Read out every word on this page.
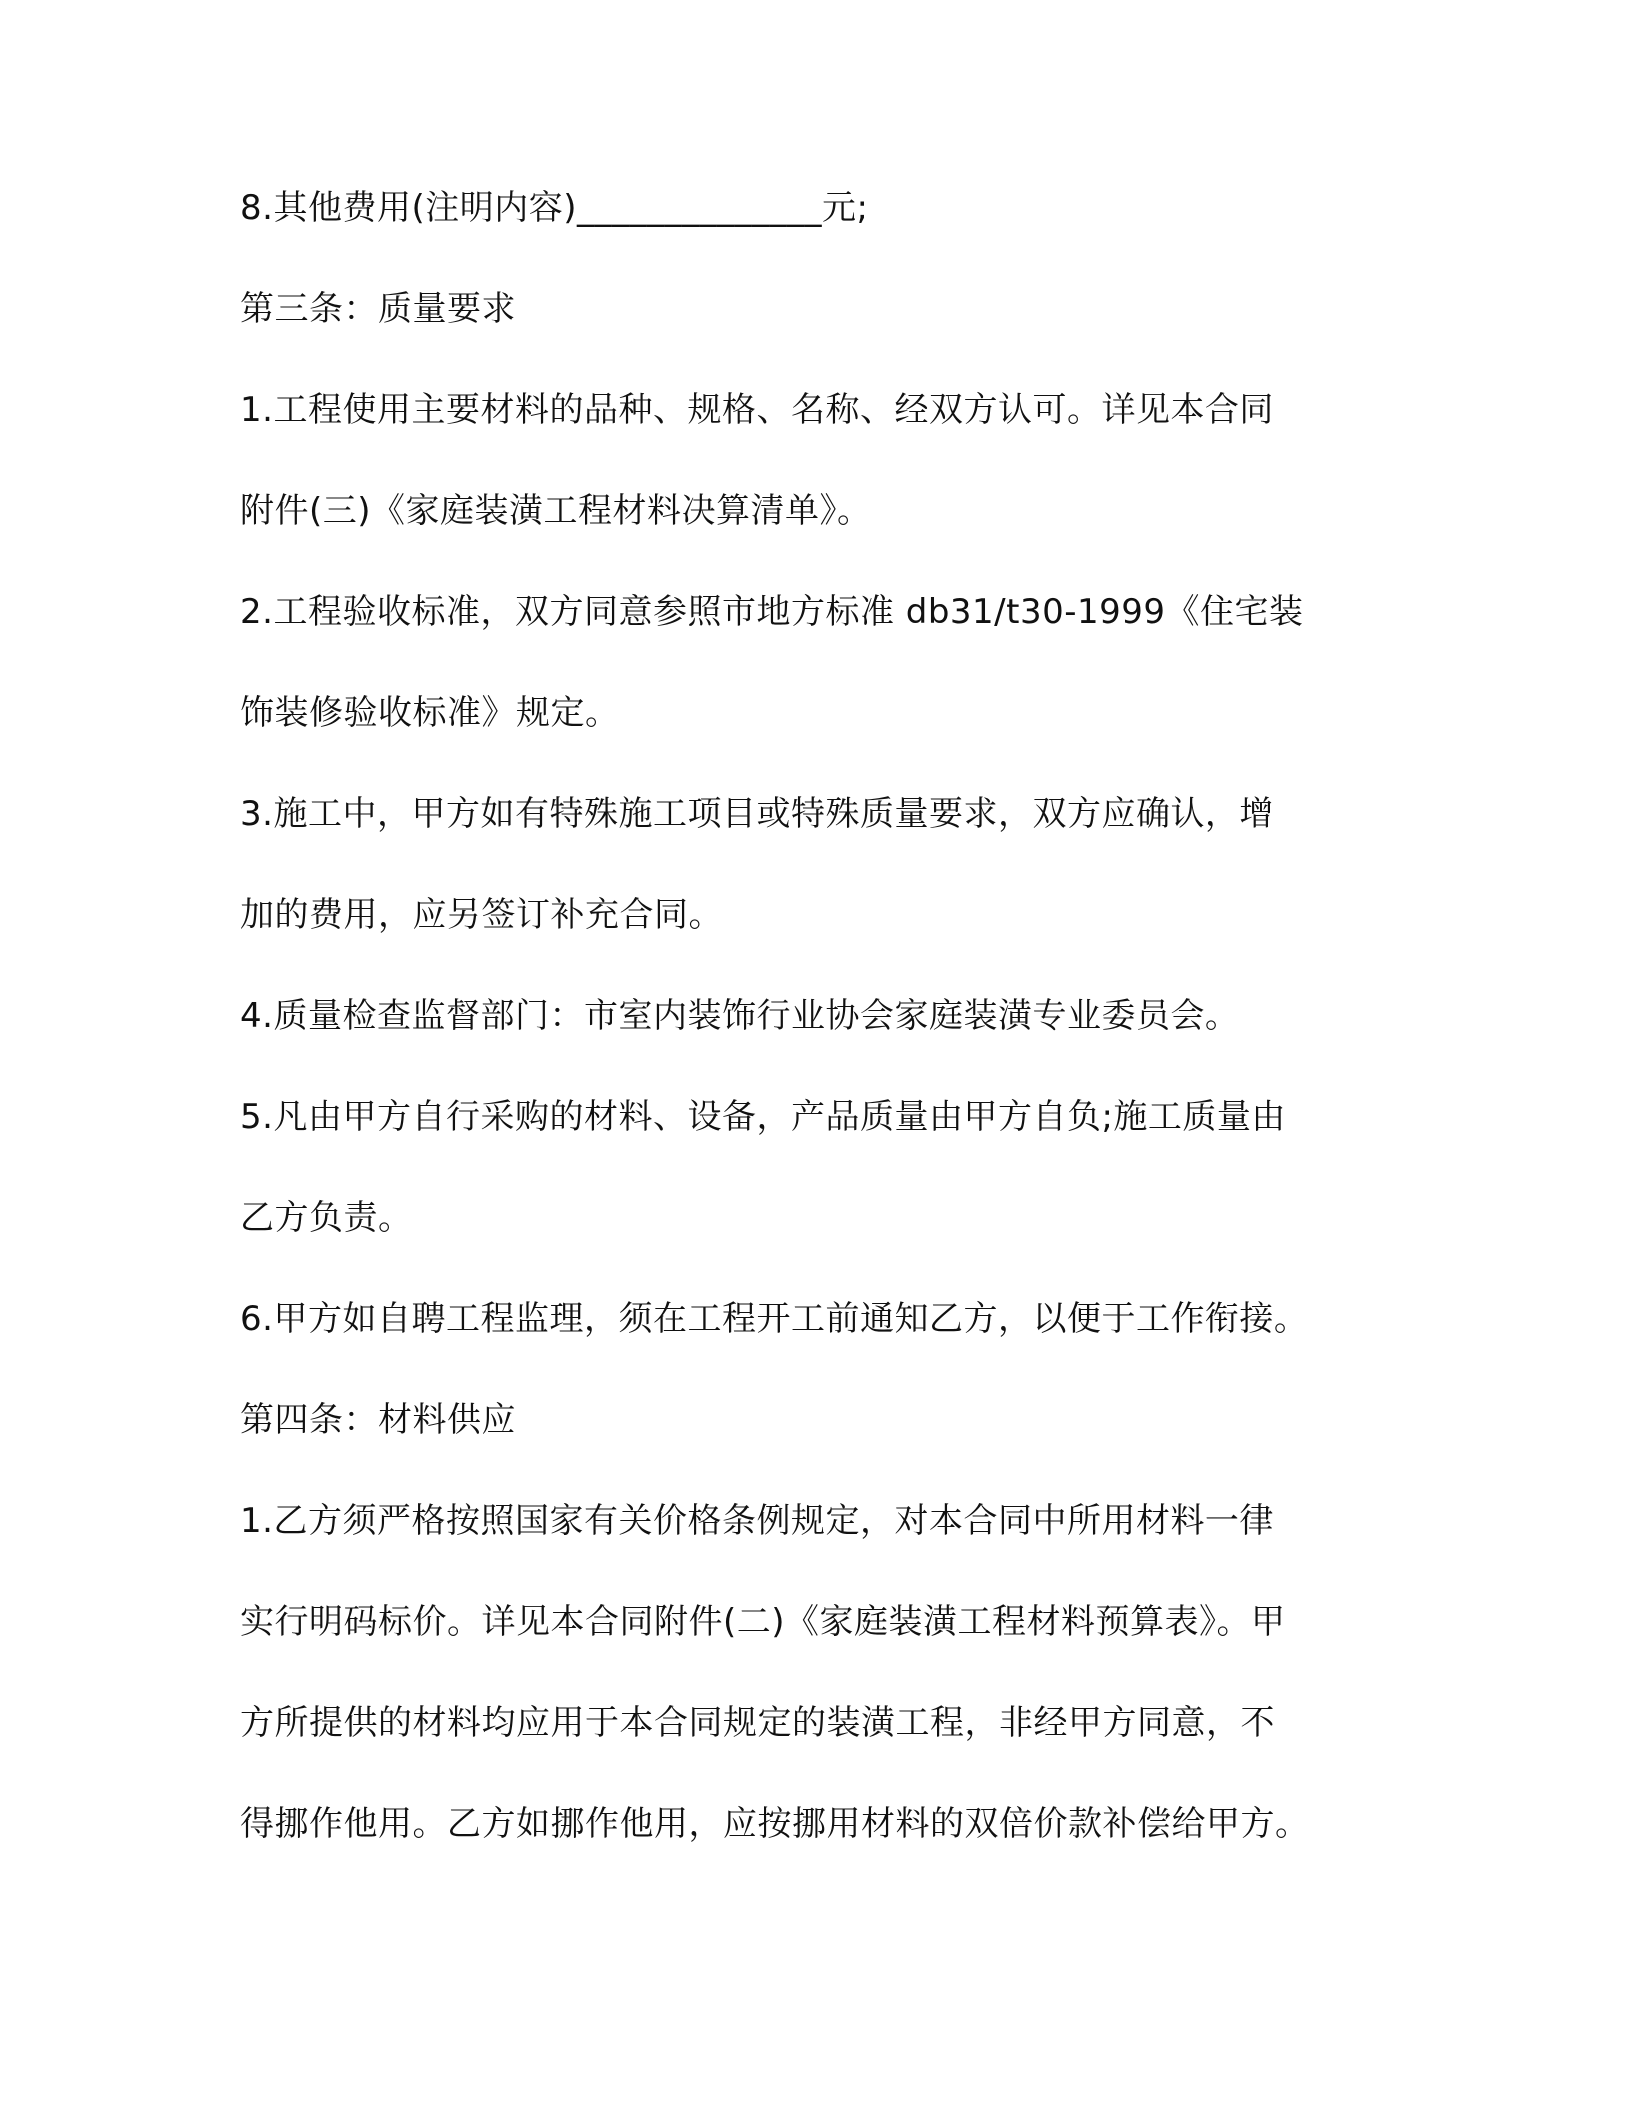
8.其他费用(注明内容)______________元;
第三条：质量要求
1.工程使用主要材料的品种、规格、名称、经双方认可。详见本合同
附件(三)《家庭装潢工程材料决算清单》。
2.工程验收标准，双方同意参照市地方标准 db31/t30-1999《住宅装
饰装修验收标准》规定。
3.施工中，甲方如有特殊施工项目或特殊质量要求，双方应确认，增
加的费用，应另签订补充合同。
4.质量检查监督部门：市室内装饰行业协会家庭装潢专业委员会。
5.凡由甲方自行采购的材料、设备，产品质量由甲方自负;施工质量由
乙方负责。
6.甲方如自聘工程监理，须在工程开工前通知乙方，以便于工作衔接。
第四条：材料供应
1.乙方须严格按照国家有关价格条例规定，对本合同中所用材料一律
实行明码标价。详见本合同附件(二)《家庭装潢工程材料预算表》。甲
方所提供的材料均应用于本合同规定的装潢工程，非经甲方同意，不
得挪作他用。乙方如挪作他用，应按挪用材料的双倍价款补偿给甲方。
